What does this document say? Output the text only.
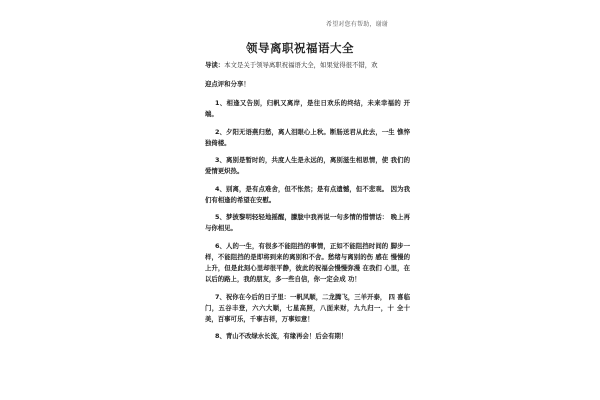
希望对您有帮助，谢谢
领导离职祝福语大全

导读：本文是关于领导离职祝福语大全，如果觉得很不错，欢

迎点评和分享！

1、相逢又告别，归帆又离岸，是往日欢乐的终结，未来幸福的 开端。

2、夕阳无语燕归愁，离人泪眼心上秋。断肠送君从此去，一生 憔悴独倚楼。

3、离别是暂时的，共度人生是永远的，离别滋生相思情，使 我们的爱情更炽热。

4、别离，是有点难舍，但不怅然；是有点遗憾，但不悲观。 因为我们有相逢的希望在安慰。

5、梦披黎明轻轻地摇醒，朦胧中我再说一句多情的惜情话： 晚上再与你相见。

6、人的一生，有很多不能阻挡的事情，正如不能阻挡时间的 脚步一样，不能阻挡的是即将到来的离别和不舍。愁绪与离别的伤 感在 慢慢的上升，但是此刻心里却很平静，彼此的祝福会慢慢弥漫 在我们 心里，在以后的路上，我的朋友，多一些自信，你一定会成 功！

7、祝你在今后的日子里：一帆风顺，二龙腾飞，三羊开泰， 四 喜临门，五谷丰登，六六大顺，七星高照，八面来财，九九归一，十 全十美，百事可乐，千事吉祥，万事如意！

8、青山不改绿水长流，有缘再会！后会有期！
